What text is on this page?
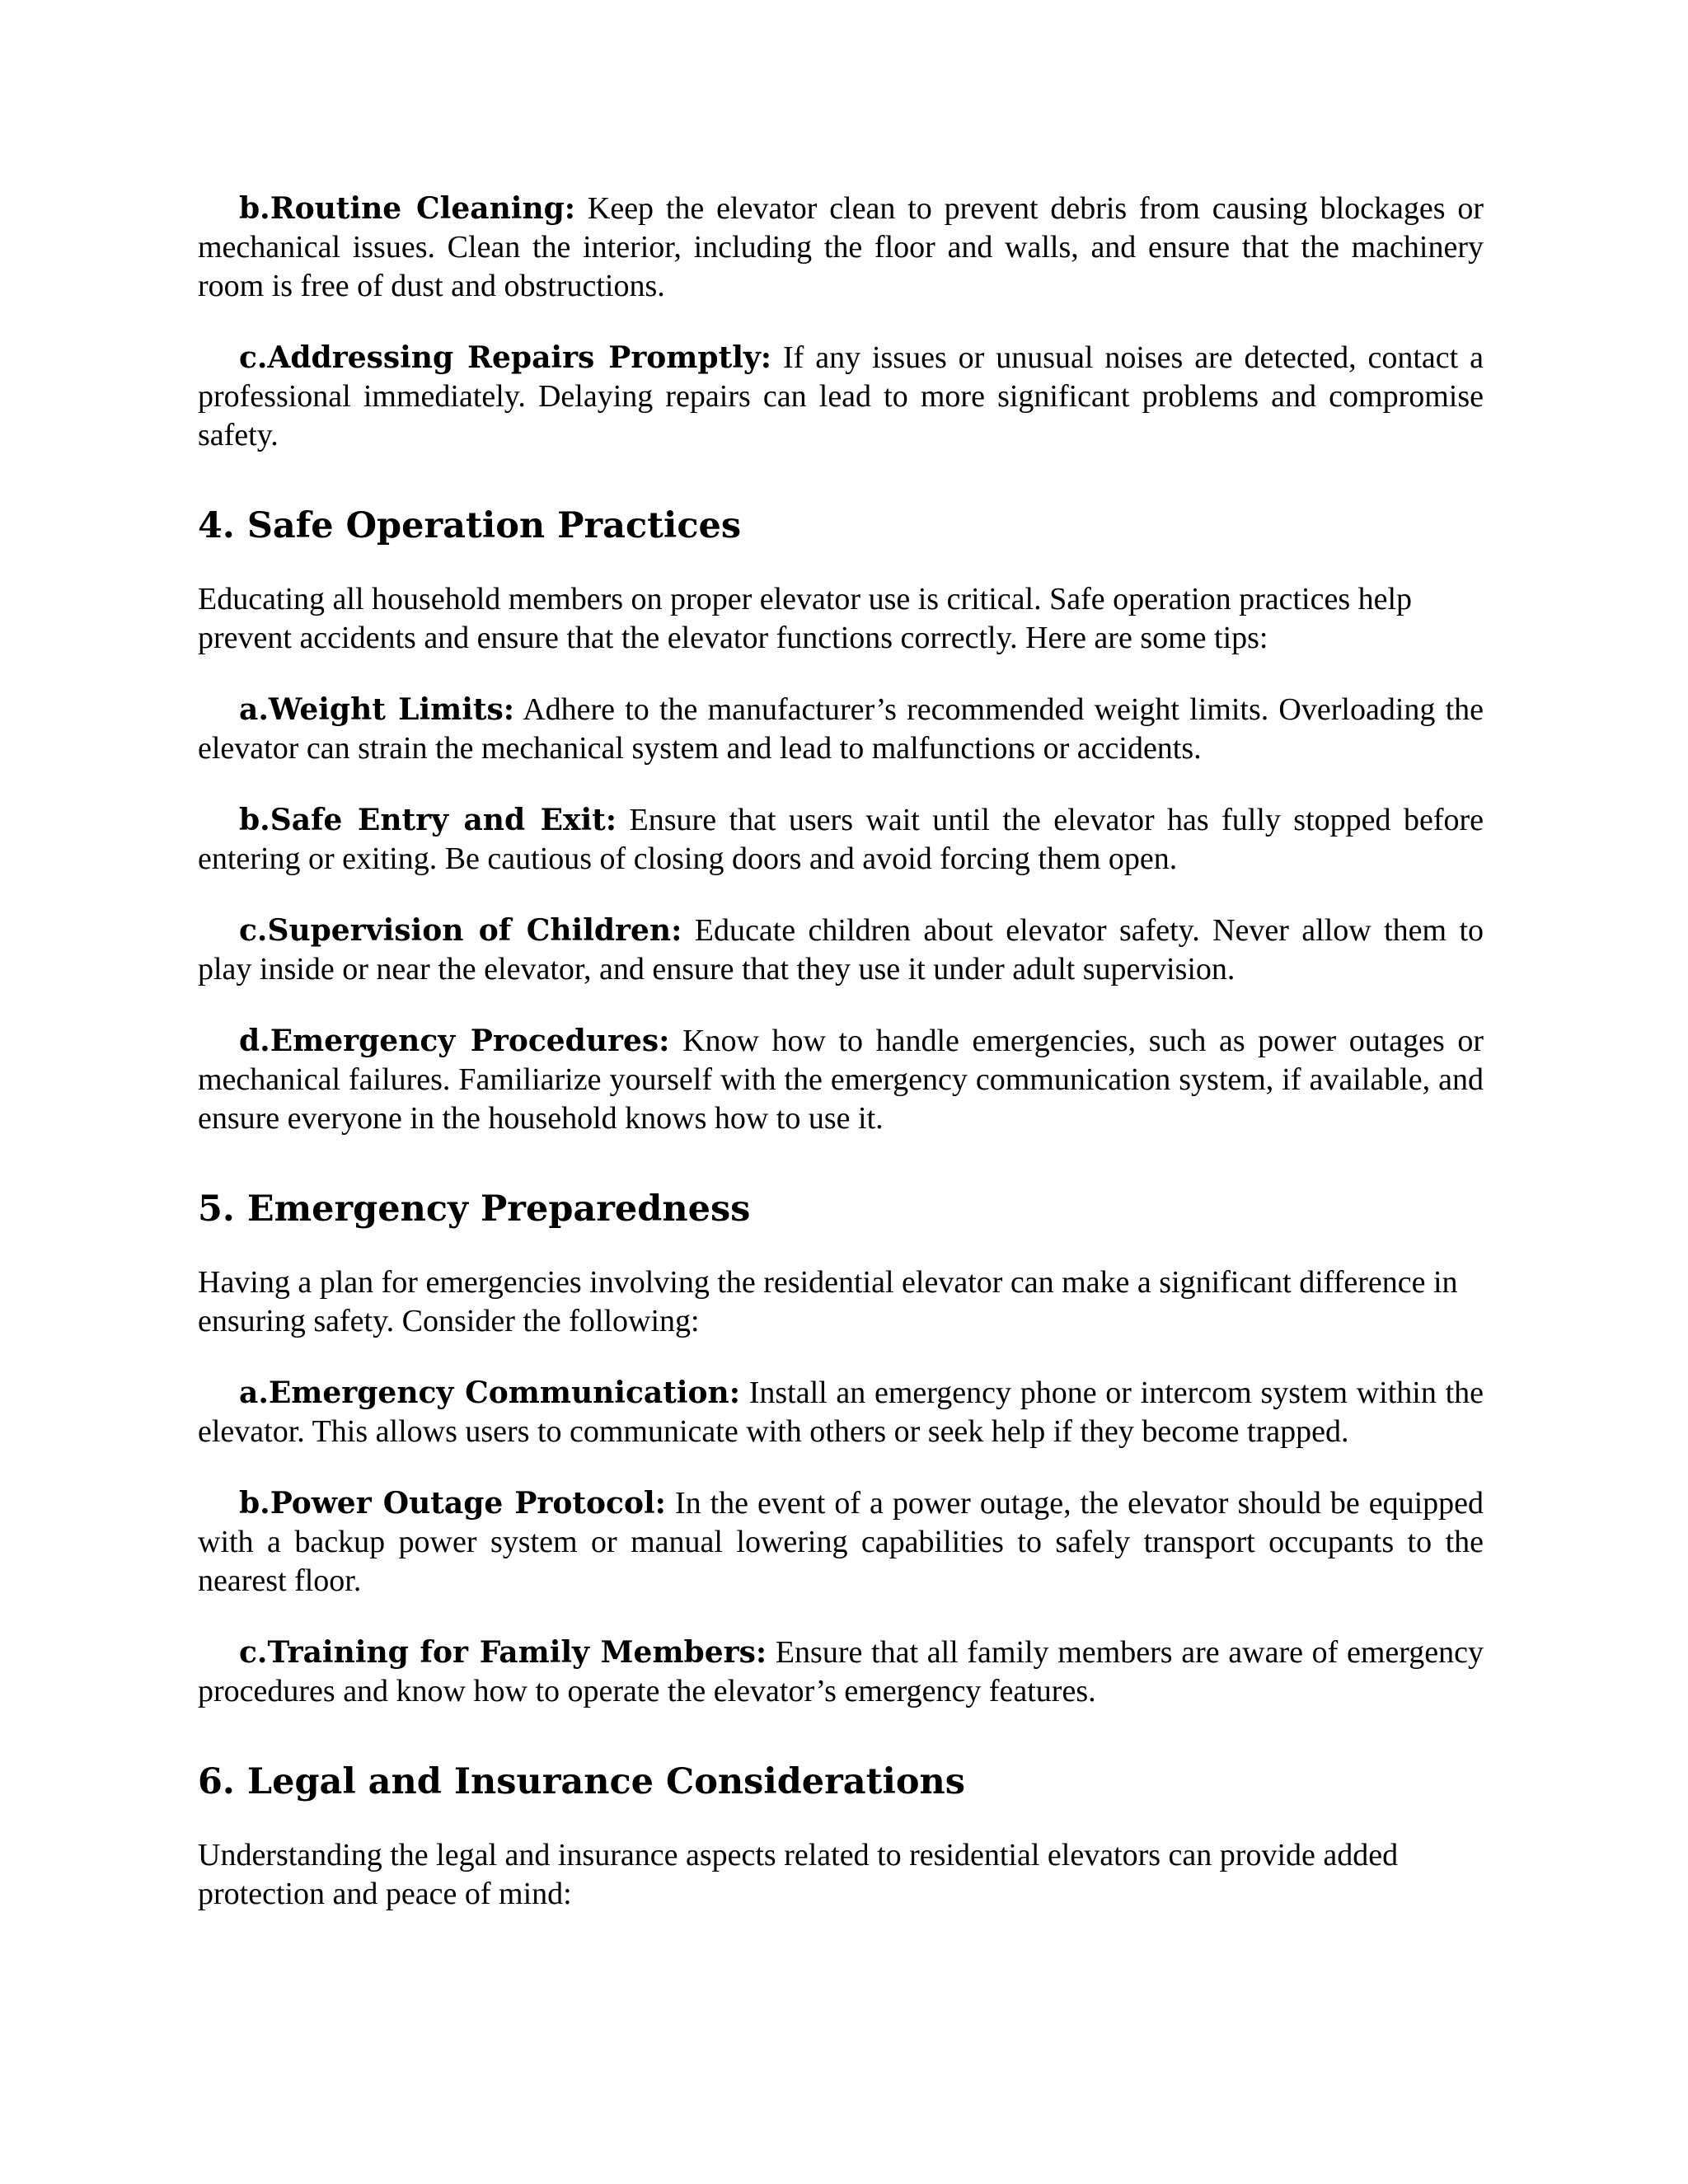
b.Routine Cleaning: Keep the elevator clean to prevent debris from causing blockages or mechanical issues. Clean the interior, including the floor and walls, and ensure that the machinery room is free of dust and obstructions.

c.Addressing Repairs Promptly: If any issues or unusual noises are detected, contact a professional immediately. Delaying repairs can lead to more significant problems and compromise safety.

4. Safe Operation Practices

Educating all household members on proper elevator use is critical. Safe operation practices help prevent accidents and ensure that the elevator functions correctly. Here are some tips:

a.Weight Limits: Adhere to the manufacturer’s recommended weight limits. Overloading the elevator can strain the mechanical system and lead to malfunctions or accidents.

b.Safe Entry and Exit: Ensure that users wait until the elevator has fully stopped before entering or exiting. Be cautious of closing doors and avoid forcing them open.

c.Supervision of Children: Educate children about elevator safety. Never allow them to play inside or near the elevator, and ensure that they use it under adult supervision.

d.Emergency Procedures: Know how to handle emergencies, such as power outages or mechanical failures. Familiarize yourself with the emergency communication system, if available, and ensure everyone in the household knows how to use it.

5. Emergency Preparedness

Having a plan for emergencies involving the residential elevator can make a significant difference in ensuring safety. Consider the following:

a.Emergency Communication: Install an emergency phone or intercom system within the elevator. This allows users to communicate with others or seek help if they become trapped.

b.Power Outage Protocol: In the event of a power outage, the elevator should be equipped with a backup power system or manual lowering capabilities to safely transport occupants to the nearest floor.

c.Training for Family Members: Ensure that all family members are aware of emergency procedures and know how to operate the elevator’s emergency features.

6. Legal and Insurance Considerations

Understanding the legal and insurance aspects related to residential elevators can provide added protection and peace of mind:
